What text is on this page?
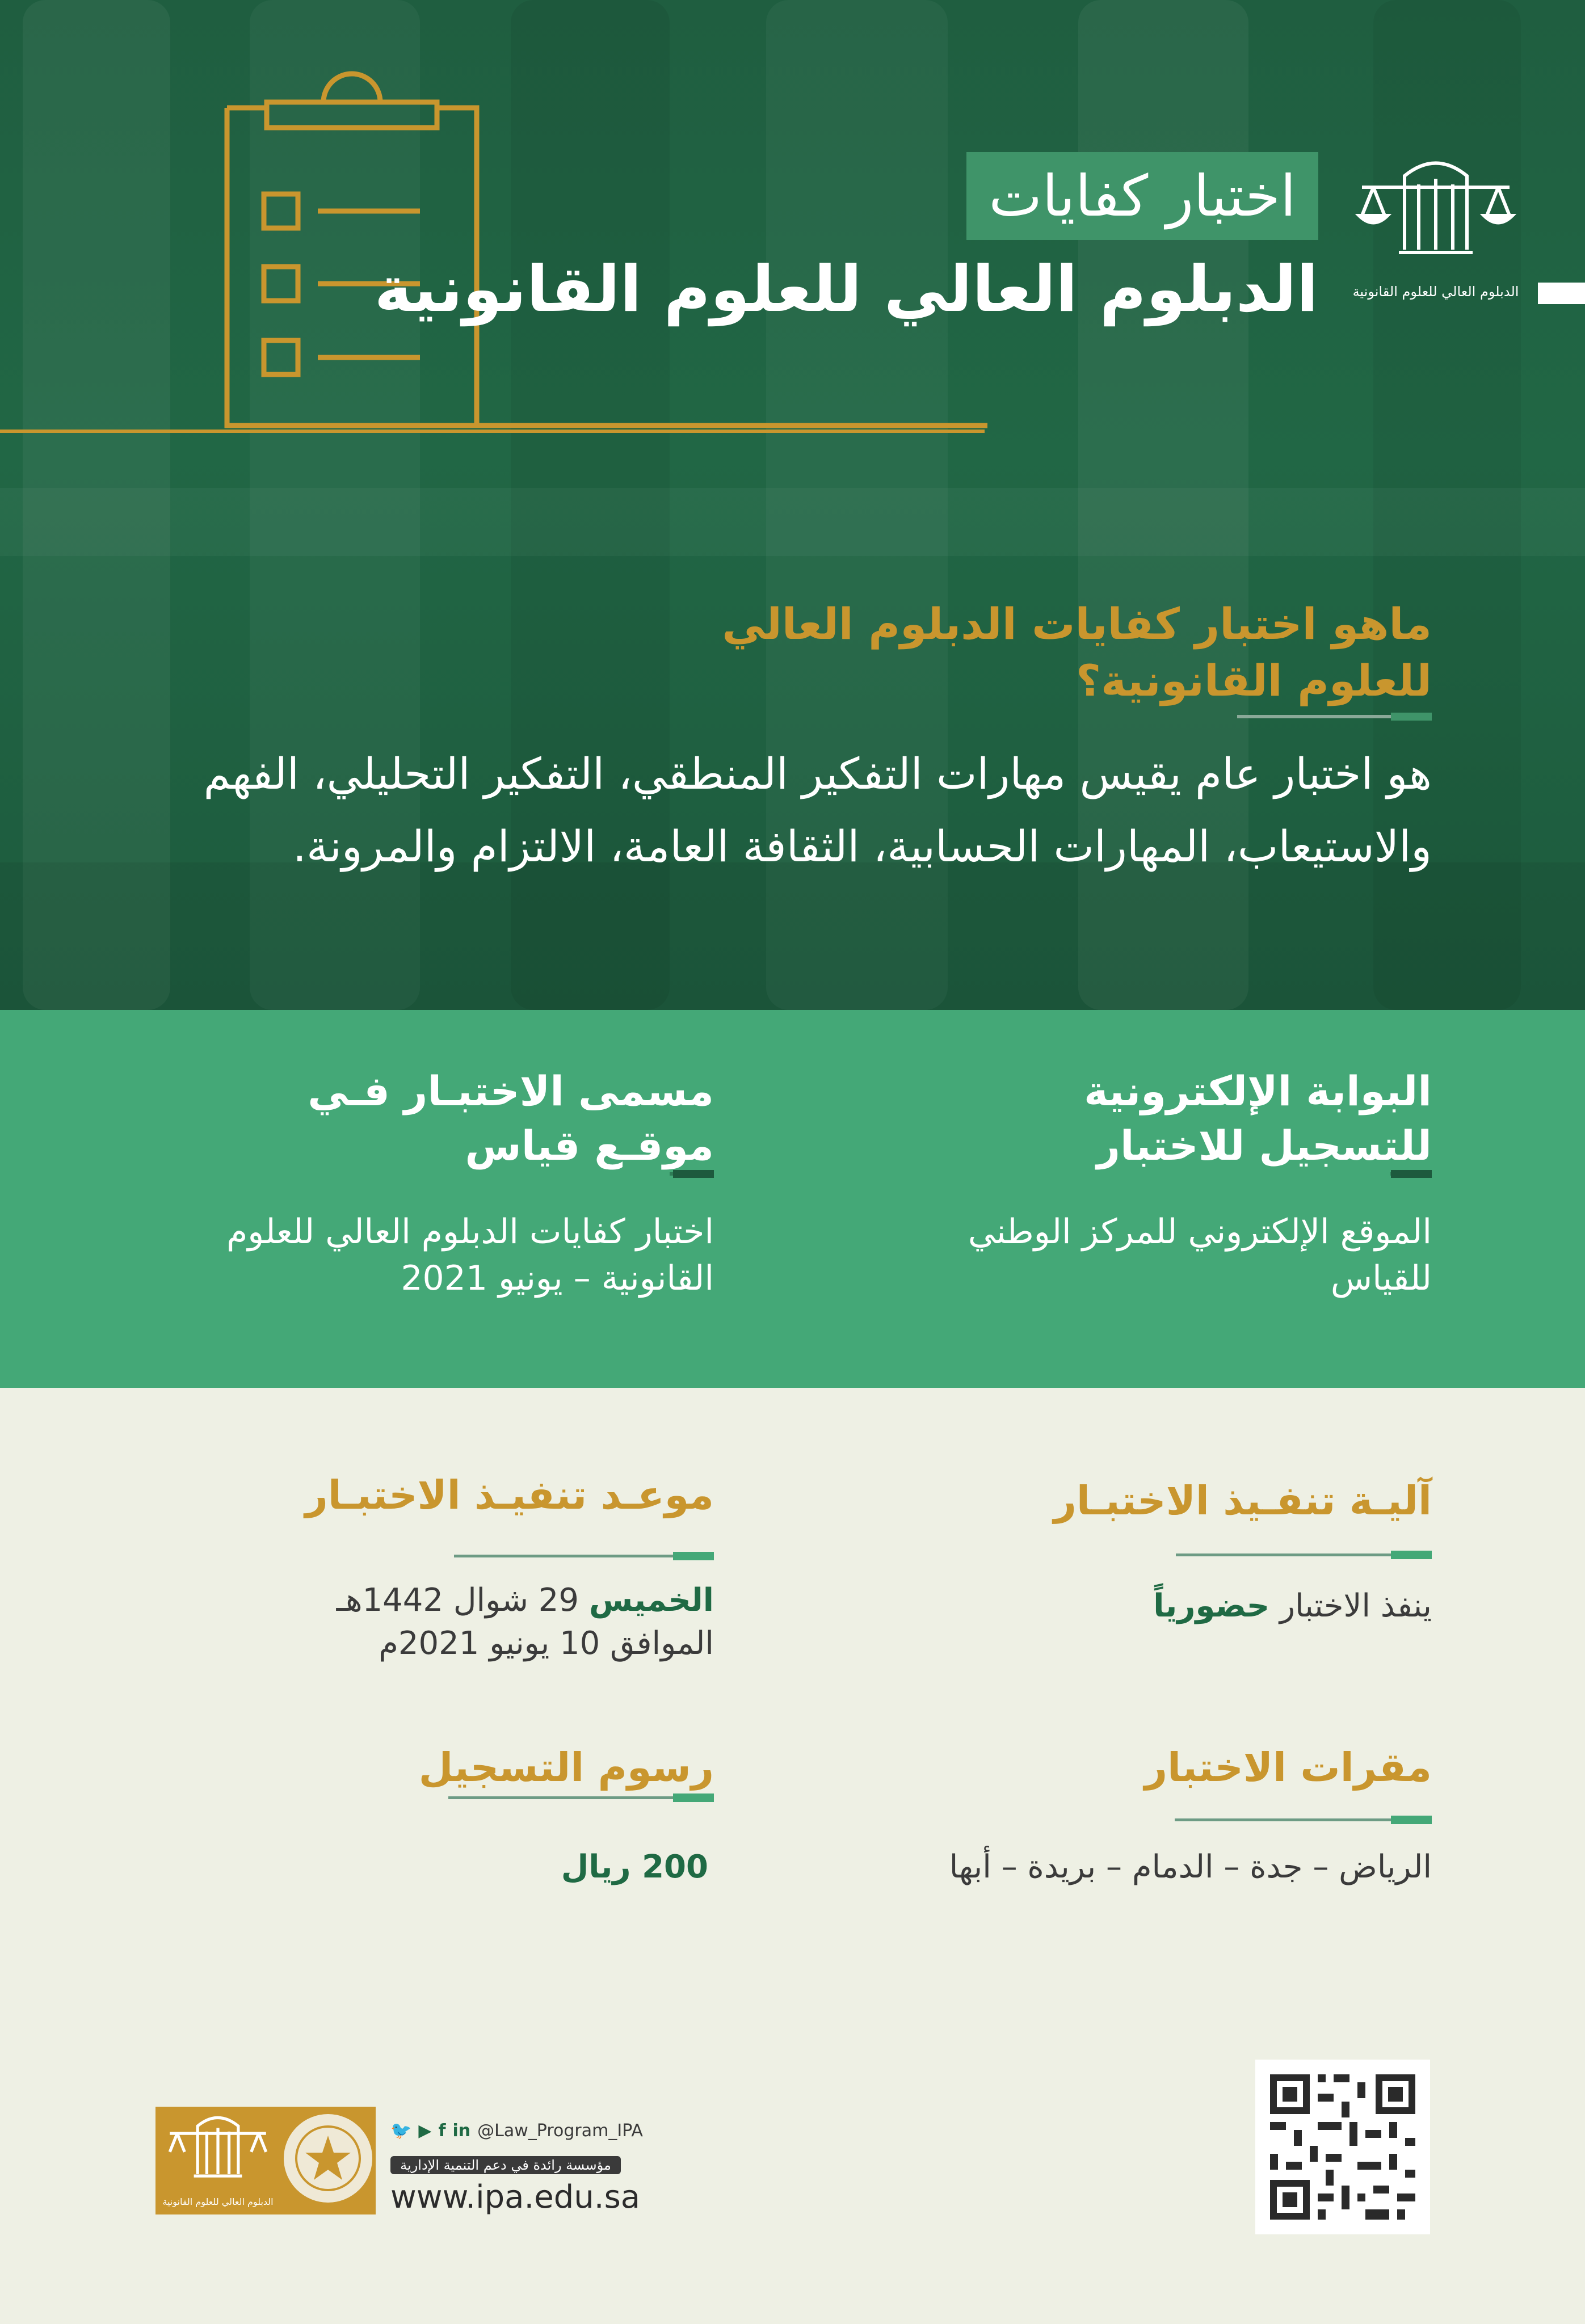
اختبار كفايات
الدبلوم العالي للعلوم القانونية	الدبلوم العالي للعلوم القانونية
ماهو اختبار كفايات الدبلوم العالي للعلوم القانونية؟
هو اختبار عام يقيس مهارات التفكير المنطقي، التفكير التحليلي، الفهم والاستيعاب، المهارات الحسابية، الثقافة العامة، الالتزام والمرونة.
البوابة الإلكترونية للتسجيل للاختبار
الموقع الإلكتروني للمركز الوطني للقياس
مسمى الاختبـار فـي موقـع قياس
اختبار كفايات الدبلوم العالي للعلوم القانونية – يونيو 2021
آليـة تنفـيذ الاختبـار
ينفذ الاختبار حضورياً
موعـد تنفيـذ الاختبـار
الخميس 29 شوال 1442هـ
الموافق 10 يونيو 2021م
مقرات الاختبار
الرياض – جدة – الدمام – بريدة – أبها
رسوم التسجيل
200 ريال
الدبلوم العالي للعلوم القانونية
🐦 ▶ f in @Law_Program_IPA
مؤسسة رائدة في دعم التنمية الإدارية
www.ipa.edu.sa
